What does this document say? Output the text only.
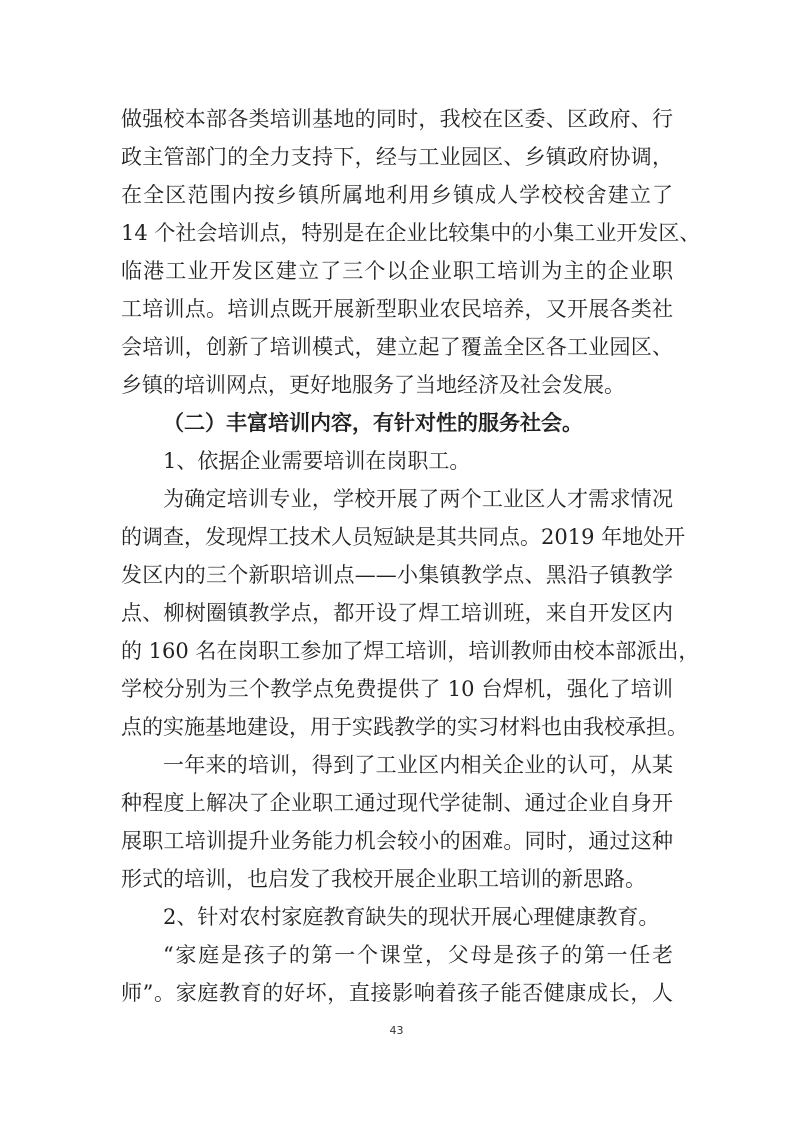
做强校本部各类培训基地的同时，我校在区委、区政府、行
政主管部门的全力支持下，经与工业园区、乡镇政府协调，
在全区范围内按乡镇所属地利用乡镇成人学校校舍建立了
14 个社会培训点，特别是在企业比较集中的小集工业开发区、
临港工业开发区建立了三个以企业职工培训为主的企业职
工培训点。培训点既开展新型职业农民培养，又开展各类社
会培训，创新了培训模式，建立起了覆盖全区各工业园区、
乡镇的培训网点，更好地服务了当地经济及社会发展。
（二）丰富培训内容，有针对性的服务社会。
1、依据企业需要培训在岗职工。
为确定培训专业，学校开展了两个工业区人才需求情况
的调查，发现焊工技术人员短缺是其共同点。2019 年地处开
发区内的三个新职培训点——小集镇教学点、黑沿子镇教学
点、柳树圈镇教学点，都开设了焊工培训班，来自开发区内
的 160 名在岗职工参加了焊工培训，培训教师由校本部派出，
学校分别为三个教学点免费提供了 10 台焊机，强化了培训
点的实施基地建设，用于实践教学的实习材料也由我校承担。
一年来的培训，得到了工业区内相关企业的认可，从某
种程度上解决了企业职工通过现代学徒制、通过企业自身开
展职工培训提升业务能力机会较小的困难。同时，通过这种
形式的培训，也启发了我校开展企业职工培训的新思路。
2、针对农村家庭教育缺失的现状开展心理健康教育。
“家庭是孩子的第一个课堂，父母是孩子的第一任老
师”。家庭教育的好坏，直接影响着孩子能否健康成长，人
43
